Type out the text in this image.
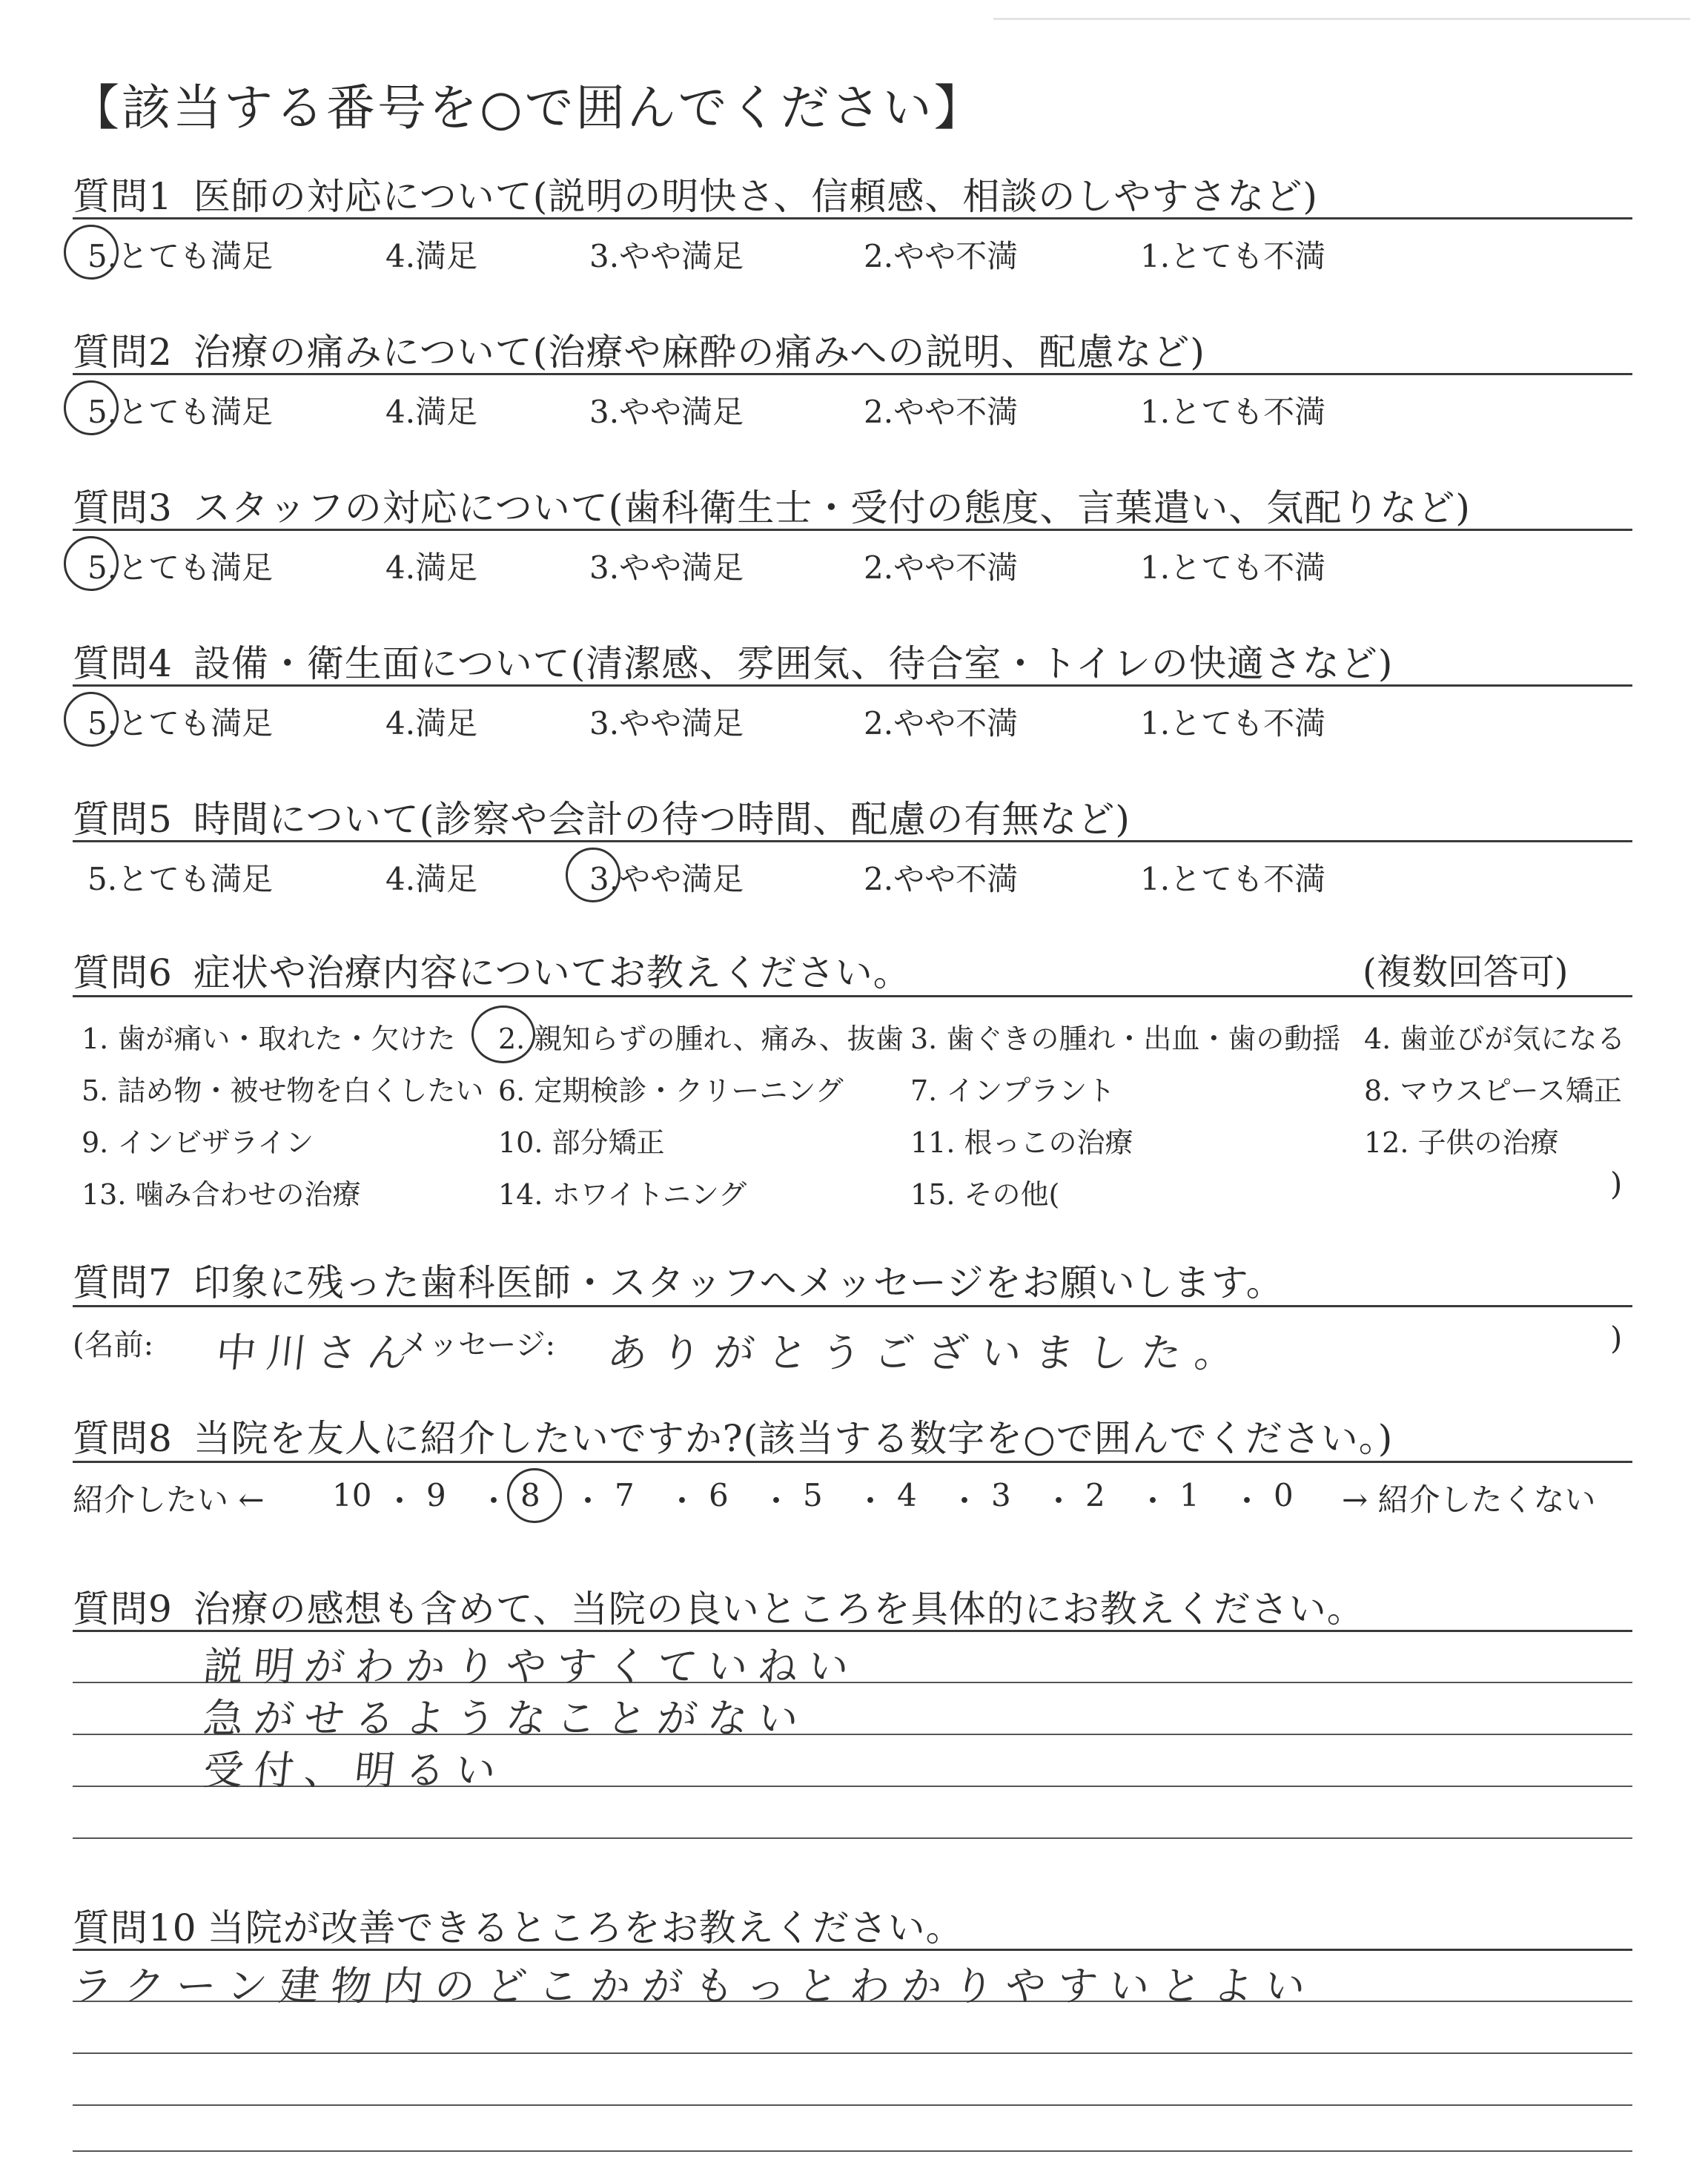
【該当する番号を○で囲んでください】
質問1 医師の対応について(説明の明快さ、信頼感、相談のしやすさなど)
5.とても満足	4.満足	3.やや満足	2.やや不満	1.とても不満
質問2 治療の痛みについて(治療や麻酔の痛みへの説明、配慮など)
5.とても満足	4.満足	3.やや満足	2.やや不満	1.とても不満
質問3 スタッフの対応について(歯科衛生士・受付の態度、言葉遣い、気配りなど)
5.とても満足	4.満足	3.やや満足	2.やや不満	1.とても不満
質問4 設備・衛生面について(清潔感、雰囲気、待合室・トイレの快適さなど)
5.とても満足	4.満足	3.やや満足	2.やや不満	1.とても不満
質問5 時間について(診察や会計の待つ時間、配慮の有無など)
5.とても満足	4.満足	3.やや満足	2.やや不満	1.とても不満
質問6 症状や治療内容についてお教えください。	(複数回答可)
1. 歯が痛い・取れた・欠けた 2. 親知らずの腫れ、痛み、抜歯 3. 歯ぐきの腫れ・出血・歯の動揺 4. 歯並びが気になる
5. 詰め物・被せ物を白くしたい 6. 定期検診・クリーニング 7. インプラント	8. マウスピース矯正
9. インビザライン	10. 部分矯正	11. 根っこの治療	12. 子供の治療
13. 噛み合わせの治療	14. ホワイトニング	15. その他(	)
質問7 印象に残った歯科医師・スタッフへメッセージをお願いします。
(名前: 中川さん
メッセージ: ありがとうございました。	)
質問8 当院を友人に紹介したいですか?(該当する数字を○で囲んでください。)
紹介したい ←	→ 紹介したくない
10 ・ 9 ・ 8 ・ 7 ・ 6 ・ 5 ・ 4 ・ 3 ・ 2 ・ 1 ・ 0
質問9 治療の感想も含めて、当院の良いところを具体的にお教えください。
説明がわかりやすくていねい
急がせるようなことがない
受付、明るい
質問10 当院が改善できるところをお教えください。
ラクーン建物内のどこかがもっとわかりやすいとよい
